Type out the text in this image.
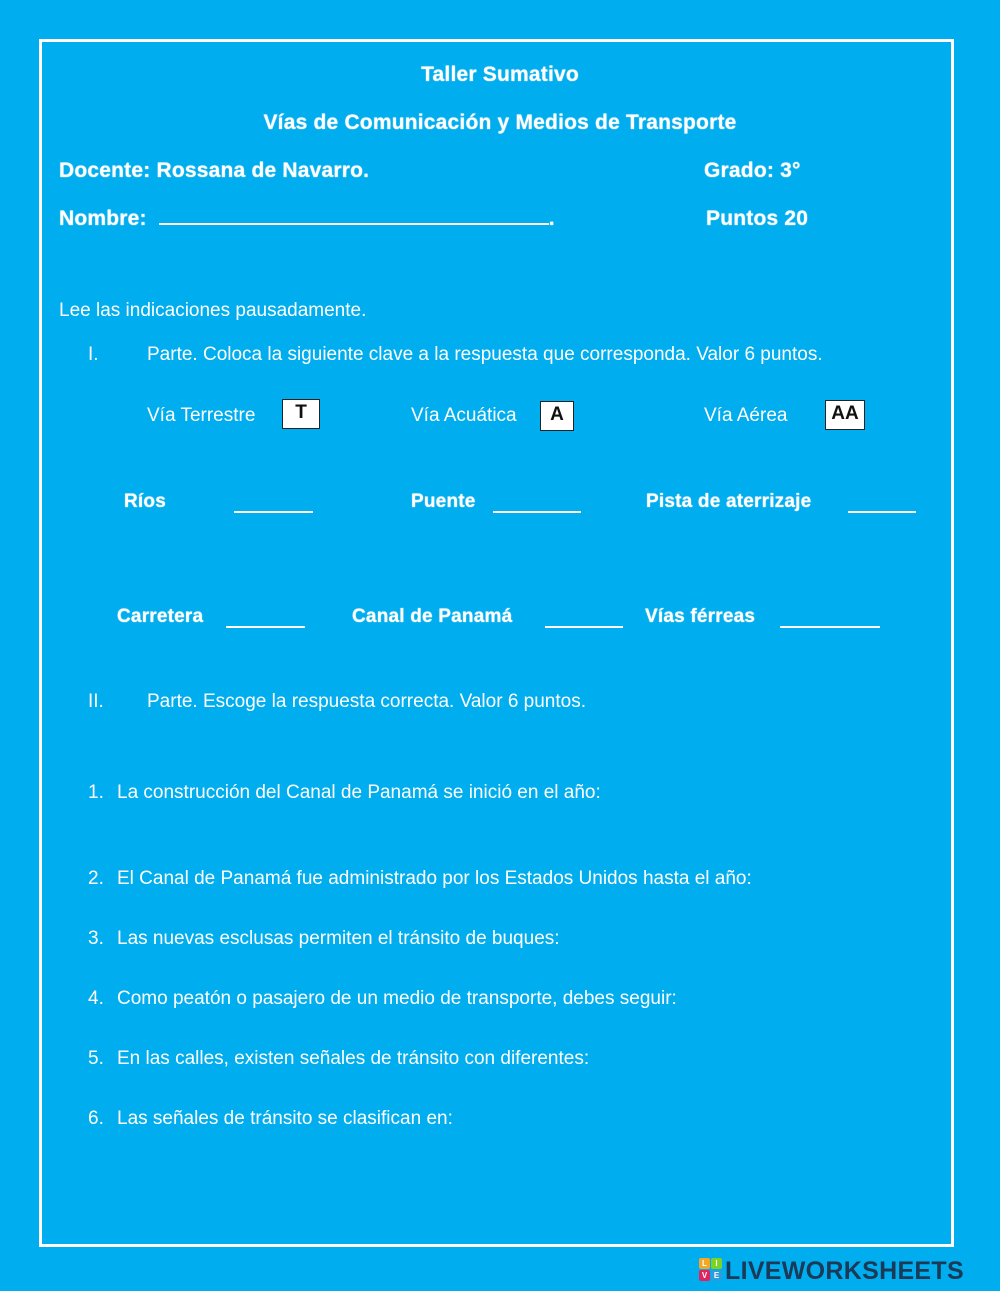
Taller Sumativo
Vías de Comunicación y Medios de Transporte
Docente: Rossana de Navarro.	Grado: 3°
Nombre:	.	Puntos 20
Lee las indicaciones pausadamente.
I.	Parte. Coloca la siguiente clave a la respuesta que corresponda. Valor 6 puntos.
Vía Terrestre	T	Vía Acuática	A	Vía Aérea	AA
Ríos	Puente	Pista de aterrizaje
Carretera	Canal de Panamá	Vías férreas
II. Parte. Escoge la respuesta correcta. Valor 6 puntos.
1. La construcción del Canal de Panamá se inició en el año:
2. El Canal de Panamá fue administrado por los Estados Unidos hasta el año:
3. Las nuevas esclusas permiten el tránsito de buques:
4. Como peatón o pasajero de un medio de transporte, debes seguir:
5. En las calles, existen señales de tránsito con diferentes:
6. Las señales de tránsito se clasifican en:
L	I
V E LIVEWORKSHEETS
